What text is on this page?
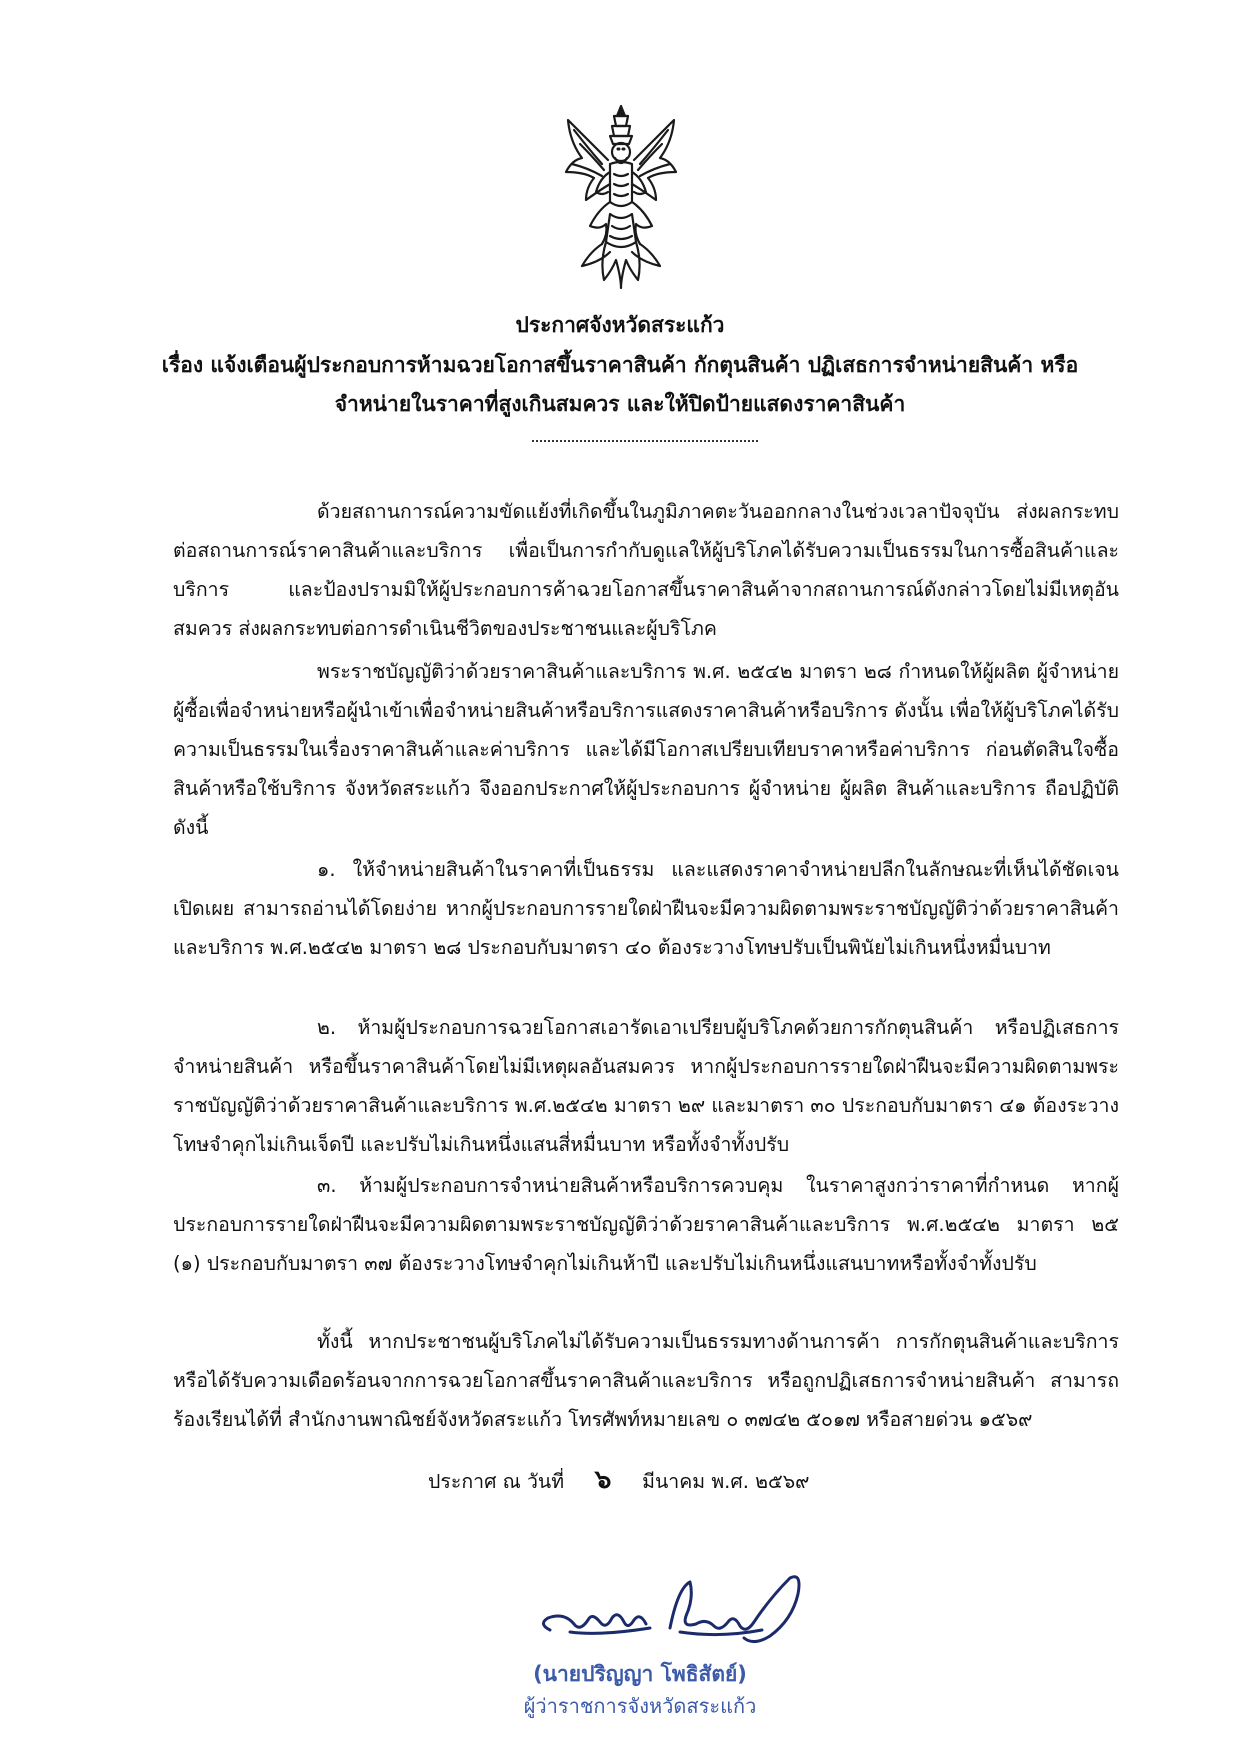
ประกาศจังหวัดสระแก้ว
เรื่อง แจ้งเตือนผู้ประกอบการห้ามฉวยโอกาสขึ้นราคาสินค้า กักตุนสินค้า ปฏิเสธการจำหน่ายสินค้า หรือ
จำหน่ายในราคาที่สูงเกินสมควร และให้ปิดป้ายแสดงราคาสินค้า

ด้วยสถานการณ์ความขัดแย้งที่เกิดขึ้นในภูมิภาคตะวันออกกลางในช่วงเวลาปัจจุบัน ส่งผลกระทบต่อสถานการณ์ราคาสินค้าและบริการ เพื่อเป็นการกำกับดูแลให้ผู้บริโภคได้รับความเป็นธรรมในการซื้อสินค้าและบริการ และป้องปรามมิให้ผู้ประกอบการค้าฉวยโอกาสขึ้นราคาสินค้าจากสถานการณ์ดังกล่าวโดยไม่มีเหตุอันสมควร ส่งผลกระทบต่อการดำเนินชีวิตของประชาชนและผู้บริโภค

พระราชบัญญัติว่าด้วยราคาสินค้าและบริการ พ.ศ. ๒๕๔๒ มาตรา ๒๘ กำหนดให้ผู้ผลิต ผู้จำหน่าย ผู้ซื้อเพื่อจำหน่ายหรือผู้นำเข้าเพื่อจำหน่ายสินค้าหรือบริการแสดงราคาสินค้าหรือบริการ ดังนั้น เพื่อให้ผู้บริโภคได้รับความเป็นธรรมในเรื่องราคาสินค้าและค่าบริการ และได้มีโอกาสเปรียบเทียบราคาหรือค่าบริการ ก่อนตัดสินใจซื้อสินค้าหรือใช้บริการ จังหวัดสระแก้ว จึงออกประกาศให้ผู้ประกอบการ ผู้จำหน่าย ผู้ผลิต สินค้าและบริการ ถือปฏิบัติ ดังนี้

๑. ให้จำหน่ายสินค้าในราคาที่เป็นธรรม และแสดงราคาจำหน่ายปลีกในลักษณะที่เห็นได้ชัดเจน เปิดเผย สามารถอ่านได้โดยง่าย หากผู้ประกอบการรายใดฝ่าฝืนจะมีความผิดตามพระราชบัญญัติว่าด้วยราคาสินค้าและบริการ พ.ศ.๒๕๔๒ มาตรา ๒๘ ประกอบกับมาตรา ๔๐ ต้องระวางโทษปรับเป็นพินัยไม่เกินหนึ่งหมื่นบาท

๒. ห้ามผู้ประกอบการฉวยโอกาสเอารัดเอาเปรียบผู้บริโภคด้วยการกักตุนสินค้า หรือปฏิเสธการจำหน่ายสินค้า หรือขึ้นราคาสินค้าโดยไม่มีเหตุผลอันสมควร หากผู้ประกอบการรายใดฝ่าฝืนจะมีความผิดตามพระราชบัญญัติว่าด้วยราคาสินค้าและบริการ พ.ศ.๒๕๔๒ มาตรา ๒๙ และมาตรา ๓๐ ประกอบกับมาตรา ๔๑ ต้องระวางโทษจำคุกไม่เกินเจ็ดปี และปรับไม่เกินหนึ่งแสนสี่หมื่นบาท หรือทั้งจำทั้งปรับ

๓. ห้ามผู้ประกอบการจำหน่ายสินค้าหรือบริการควบคุม ในราคาสูงกว่าราคาที่กำหนด หากผู้ประกอบการรายใดฝ่าฝืนจะมีความผิดตามพระราชบัญญัติว่าด้วยราคาสินค้าและบริการ พ.ศ.๒๕๔๒ มาตรา ๒๕ (๑) ประกอบกับมาตรา ๓๗ ต้องระวางโทษจำคุกไม่เกินห้าปี และปรับไม่เกินหนึ่งแสนบาทหรือทั้งจำทั้งปรับ

ทั้งนี้ หากประชาชนผู้บริโภคไม่ได้รับความเป็นธรรมทางด้านการค้า การกักตุนสินค้าและบริการ หรือได้รับความเดือดร้อนจากการฉวยโอกาสขึ้นราคาสินค้าและบริการ หรือถูกปฏิเสธการจำหน่ายสินค้า สามารถร้องเรียนได้ที่ สำนักงานพาณิชย์จังหวัดสระแก้ว โทรศัพท์หมายเลข ๐ ๓๗๔๒ ๕๐๑๗ หรือสายด่วน ๑๕๖๙

ประกาศ ณ วันที่ ๖ มีนาคม พ.ศ. ๒๕๖๙
(นายปริญญา โพธิสัตย์)
ผู้ว่าราชการจังหวัดสระแก้ว
